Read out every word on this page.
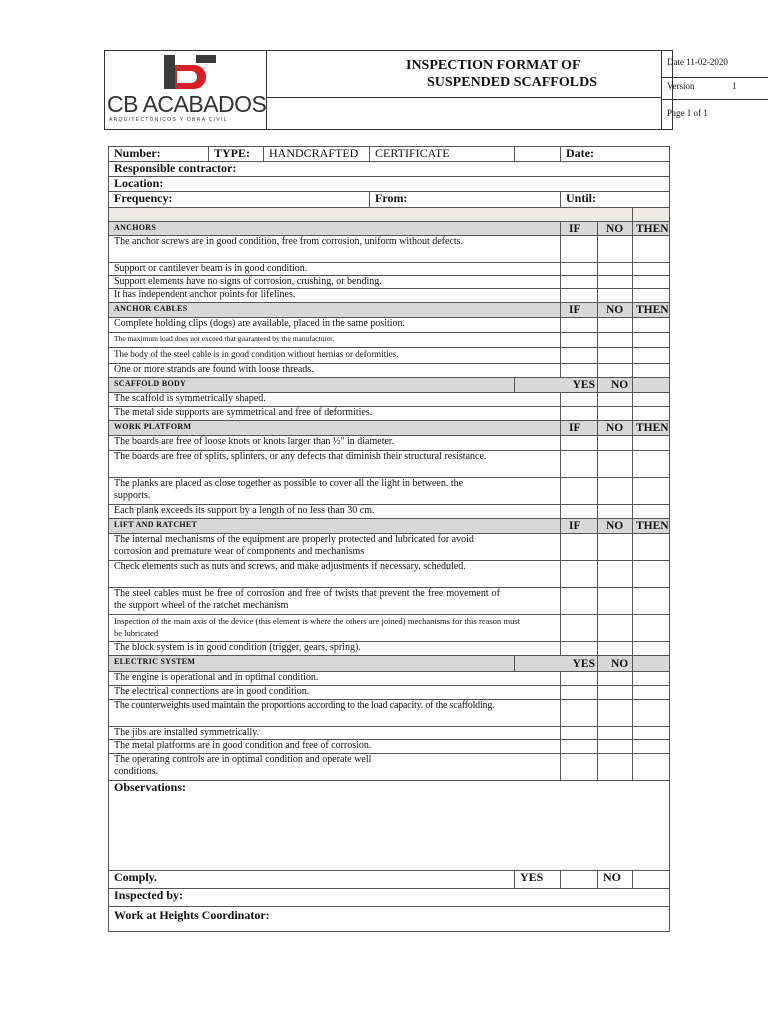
CB ACABADOS
ARQUITECTONICOS Y OBRA CIVIL
INSPECTION FORMAT OF
SUSPENDED SCAFFOLDS
Date 11-02-2020
Version	1
Page 1 of 1
Number:	TYPE:	HANDCRAFTED	CERTIFICATE		Date:		
Responsible contractor:							
Location:							
Frequency:			From:		Until:		

ANCHORS					IF	NO	THEN
The anchor screws are in good condition, free from corrosion, uniform without defects.							
Support or cantilever beam is in good condition.							
Support elements have no signs of corrosion, crushing, or bending.							
It has independent anchor points for lifelines.							
ANCHOR CABLES					IF	NO	THEN
Complete holding clips (dogs) are available, placed in the same position.							
The maximum load does not exceed that guaranteed by the manufacturer.							
The body of the steel cable is in good condition without hernias or deformities.							
One or more strands are found with loose threads.							
SCAFFOLD BODY				YES		NO	
The scaffold is symmetrically shaped.							
The metal side supports are symmetrical and free of deformities.							
WORK PLATFORM					IF	NO	THEN
The boards are free of loose knots or knots larger than ½" in diameter.							
The boards are free of splits, splinters, or any defects that diminish their structural resistance.							
The planks are placed as close together as possible to cover all the light in between. the supports.							
Each plank exceeds its support by a length of no less than 30 cm.							
LIFT AND RATCHET					IF	NO	THEN
The internal mechanisms of the equipment are properly protected and lubricated for avoid corrosion and premature wear of components and mechanisms							
Check elements such as nuts and screws, and make adjustments if necessary. scheduled.							
The steel cables must be free of corrosion and free of twists that prevent the free movement of the support wheel of the ratchet mechanism							
Inspection of the main axis of the device (this element is where the others are joined) mechanisms for this reason must be lubricated							
The block system is in good condition (trigger, gears, spring).							
ELECTRIC SYSTEM				YES		NO	
The engine is operational and in optimal condition.							
The electrical connections are in good condition.							
The counterweights used maintain the proportions according to the load capacity. of the scaffolding.							
The jibs are installed symmetrically.							
The metal platforms are in good condition and free of corrosion.							
The operating controls are in optimal condition and operate well conditions.							
Observations:							
Comply.				YES		NO	
Inspected by:							
Work at Heights Coordinator:							
